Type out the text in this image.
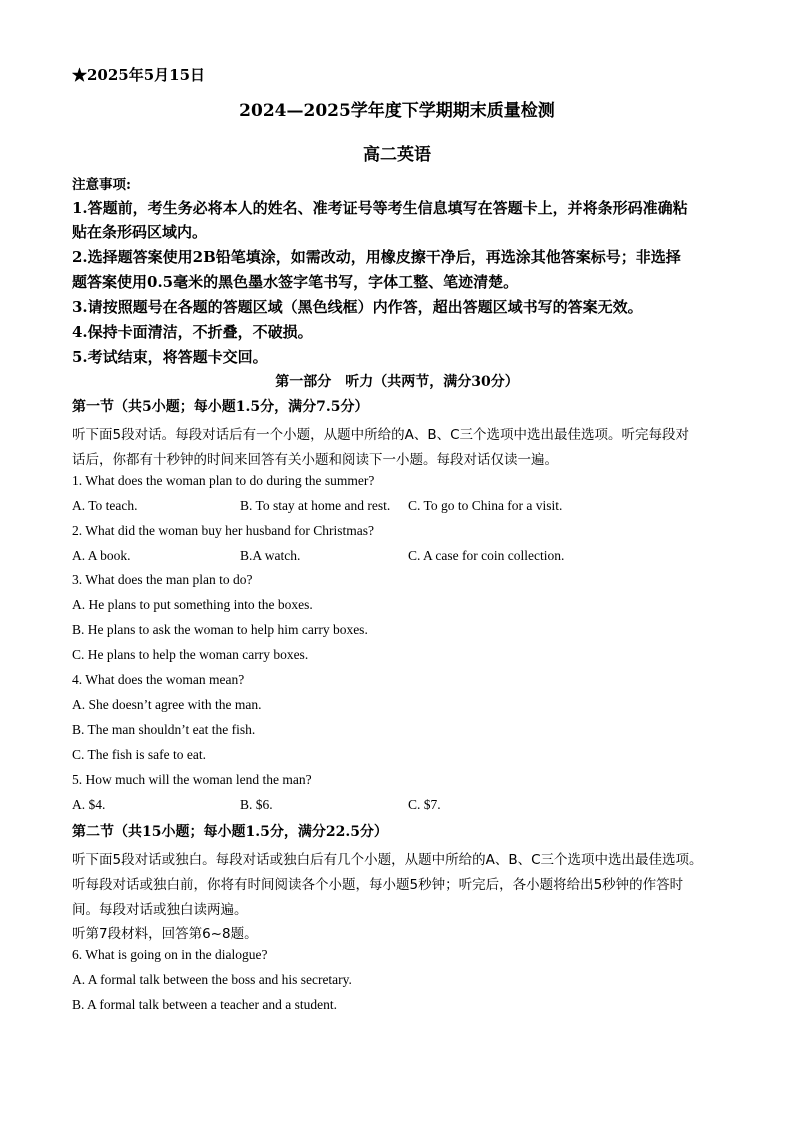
★2025年5月15日
2024—2025学年度下学期期末质量检测
高二英语
注意事项:
1.答题前，考生务必将本人的姓名、准考证号等考生信息填写在答题卡上，并将条形码准确粘
贴在条形码区域内。
2.选择题答案使用2B铅笔填涂，如需改动，用橡皮擦干净后，再选涂其他答案标号；非选择
题答案使用0.5毫米的黑色墨水签字笔书写，字体工整、笔迹清楚。
3.请按照题号在各题的答题区域（黑色线框）内作答，超出答题区域书写的答案无效。
4.保持卡面清洁，不折叠，不破损。
5.考试结束，将答题卡交回。
第一部分　听力（共两节，满分30分）
第一节（共5小题；每小题1.5分，满分7.5分）
听下面5段对话。每段对话后有一个小题，从题中所给的A、B、C三个选项中选出最佳选项。听完每段对
话后，你都有十秒钟的时间来回答有关小题和阅读下一小题。每段对话仅读一遍。
1. What does the woman plan to do during the summer?
A. To teach.	B. To stay at home and rest. C. To go to China for a visit.
2. What did the woman buy her husband for Christmas?
A. A book.	B.A watch.	C. A case for coin collection.
3. What does the man plan to do?
A. He plans to put something into the boxes.
B. He plans to ask the woman to help him carry boxes.
C. He plans to help the woman carry boxes.
4. What does the woman mean?
A. She doesn’t agree with the man.
B. The man shouldn’t eat the fish.
C. The fish is safe to eat.
5. How much will the woman lend the man?
A. $4.	B. $6.	C. $7.
第二节（共15小题；每小题1.5分，满分22.5分）
听下面5段对话或独白。每段对话或独白后有几个小题，从题中所给的A、B、C三个选项中选出最佳选项。
听每段对话或独白前，你将有时间阅读各个小题，每小题5秒钟；听完后，各小题将给出5秒钟的作答时
间。每段对话或独白读两遍。
听第7段材料，回答第6~8题。
6. What is going on in the dialogue?
A. A formal talk between the boss and his secretary.
B. A formal talk between a teacher and a student.
